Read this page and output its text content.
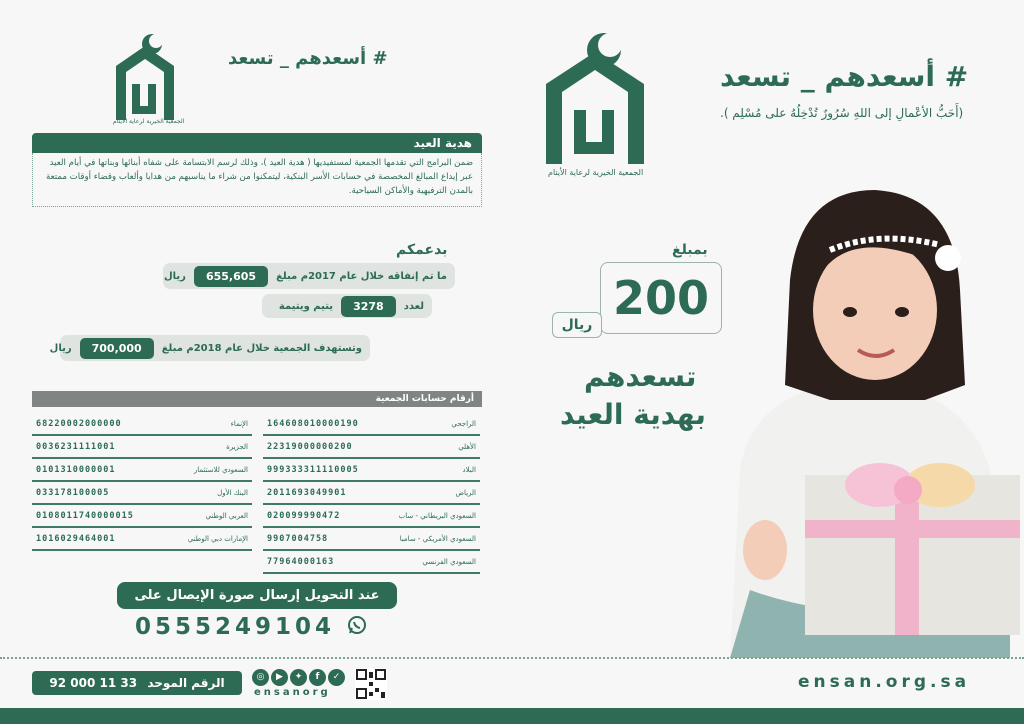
الجمعية الخيرية لرعاية الأيتام
# أسعدهم _ تسعد
هدية العيد
ضمن البرامج التي تقدمها الجمعية لمستفيديها ( هدية العيد )، وذلك لرسم الابتسامة على شفاه أبنائها وبناتها في أيام العيد عبر إيداع المبالغ المخصصة في حسابات الأسر البنكية، ليتمكنوا من شراء ما يناسبهم من هدايا وألعاب وقضاء أوقات ممتعة بالمدن الترفيهية والأماكن السياحية.
بدعمكم
ما تم إنفاقه خلال عام 2017م مبلغ
655,605
ريال
لعدد
3278
يتيم ويتيمة
وتستهدف الجمعية خلال عام 2018م مبلغ
700,000
ريال
أرقام حسابات الجمعية
164608010000190	الراجحي
22319000000200	الأهلي
999333311110005	البلاد
2011693049901	الرياض
020099990472	السعودي البريطاني - ساب
9907004758	السعودي الأمريكي - سامبا
77964000163	السعودي الفرنسي
68220002000000	الإنماء
0036231111001	الجزيرة
0101310000001	السعودي للاستثمار
033178100005	البنك الأول
0108011740000015	العربي الوطني
1016029464001	الإمارات دبي الوطني
عند التحويل إرسال صورة الإيصال على
0555249104
الجمعية الخيرية لرعاية الأيتام
# أسعدهم _ تسعد
(أَحَبُّ الأعْمالِ إلى اللهِ سُرُورٌ تُدْخِلُهُ على مُسْلِم ).
بمبلغ
200
ريال
تسعدهم
بهدية العيد
الرقم الموحد 33 11 000 92	◎	▶	✦	f	✓
ensanorg
ensan.org.sa
